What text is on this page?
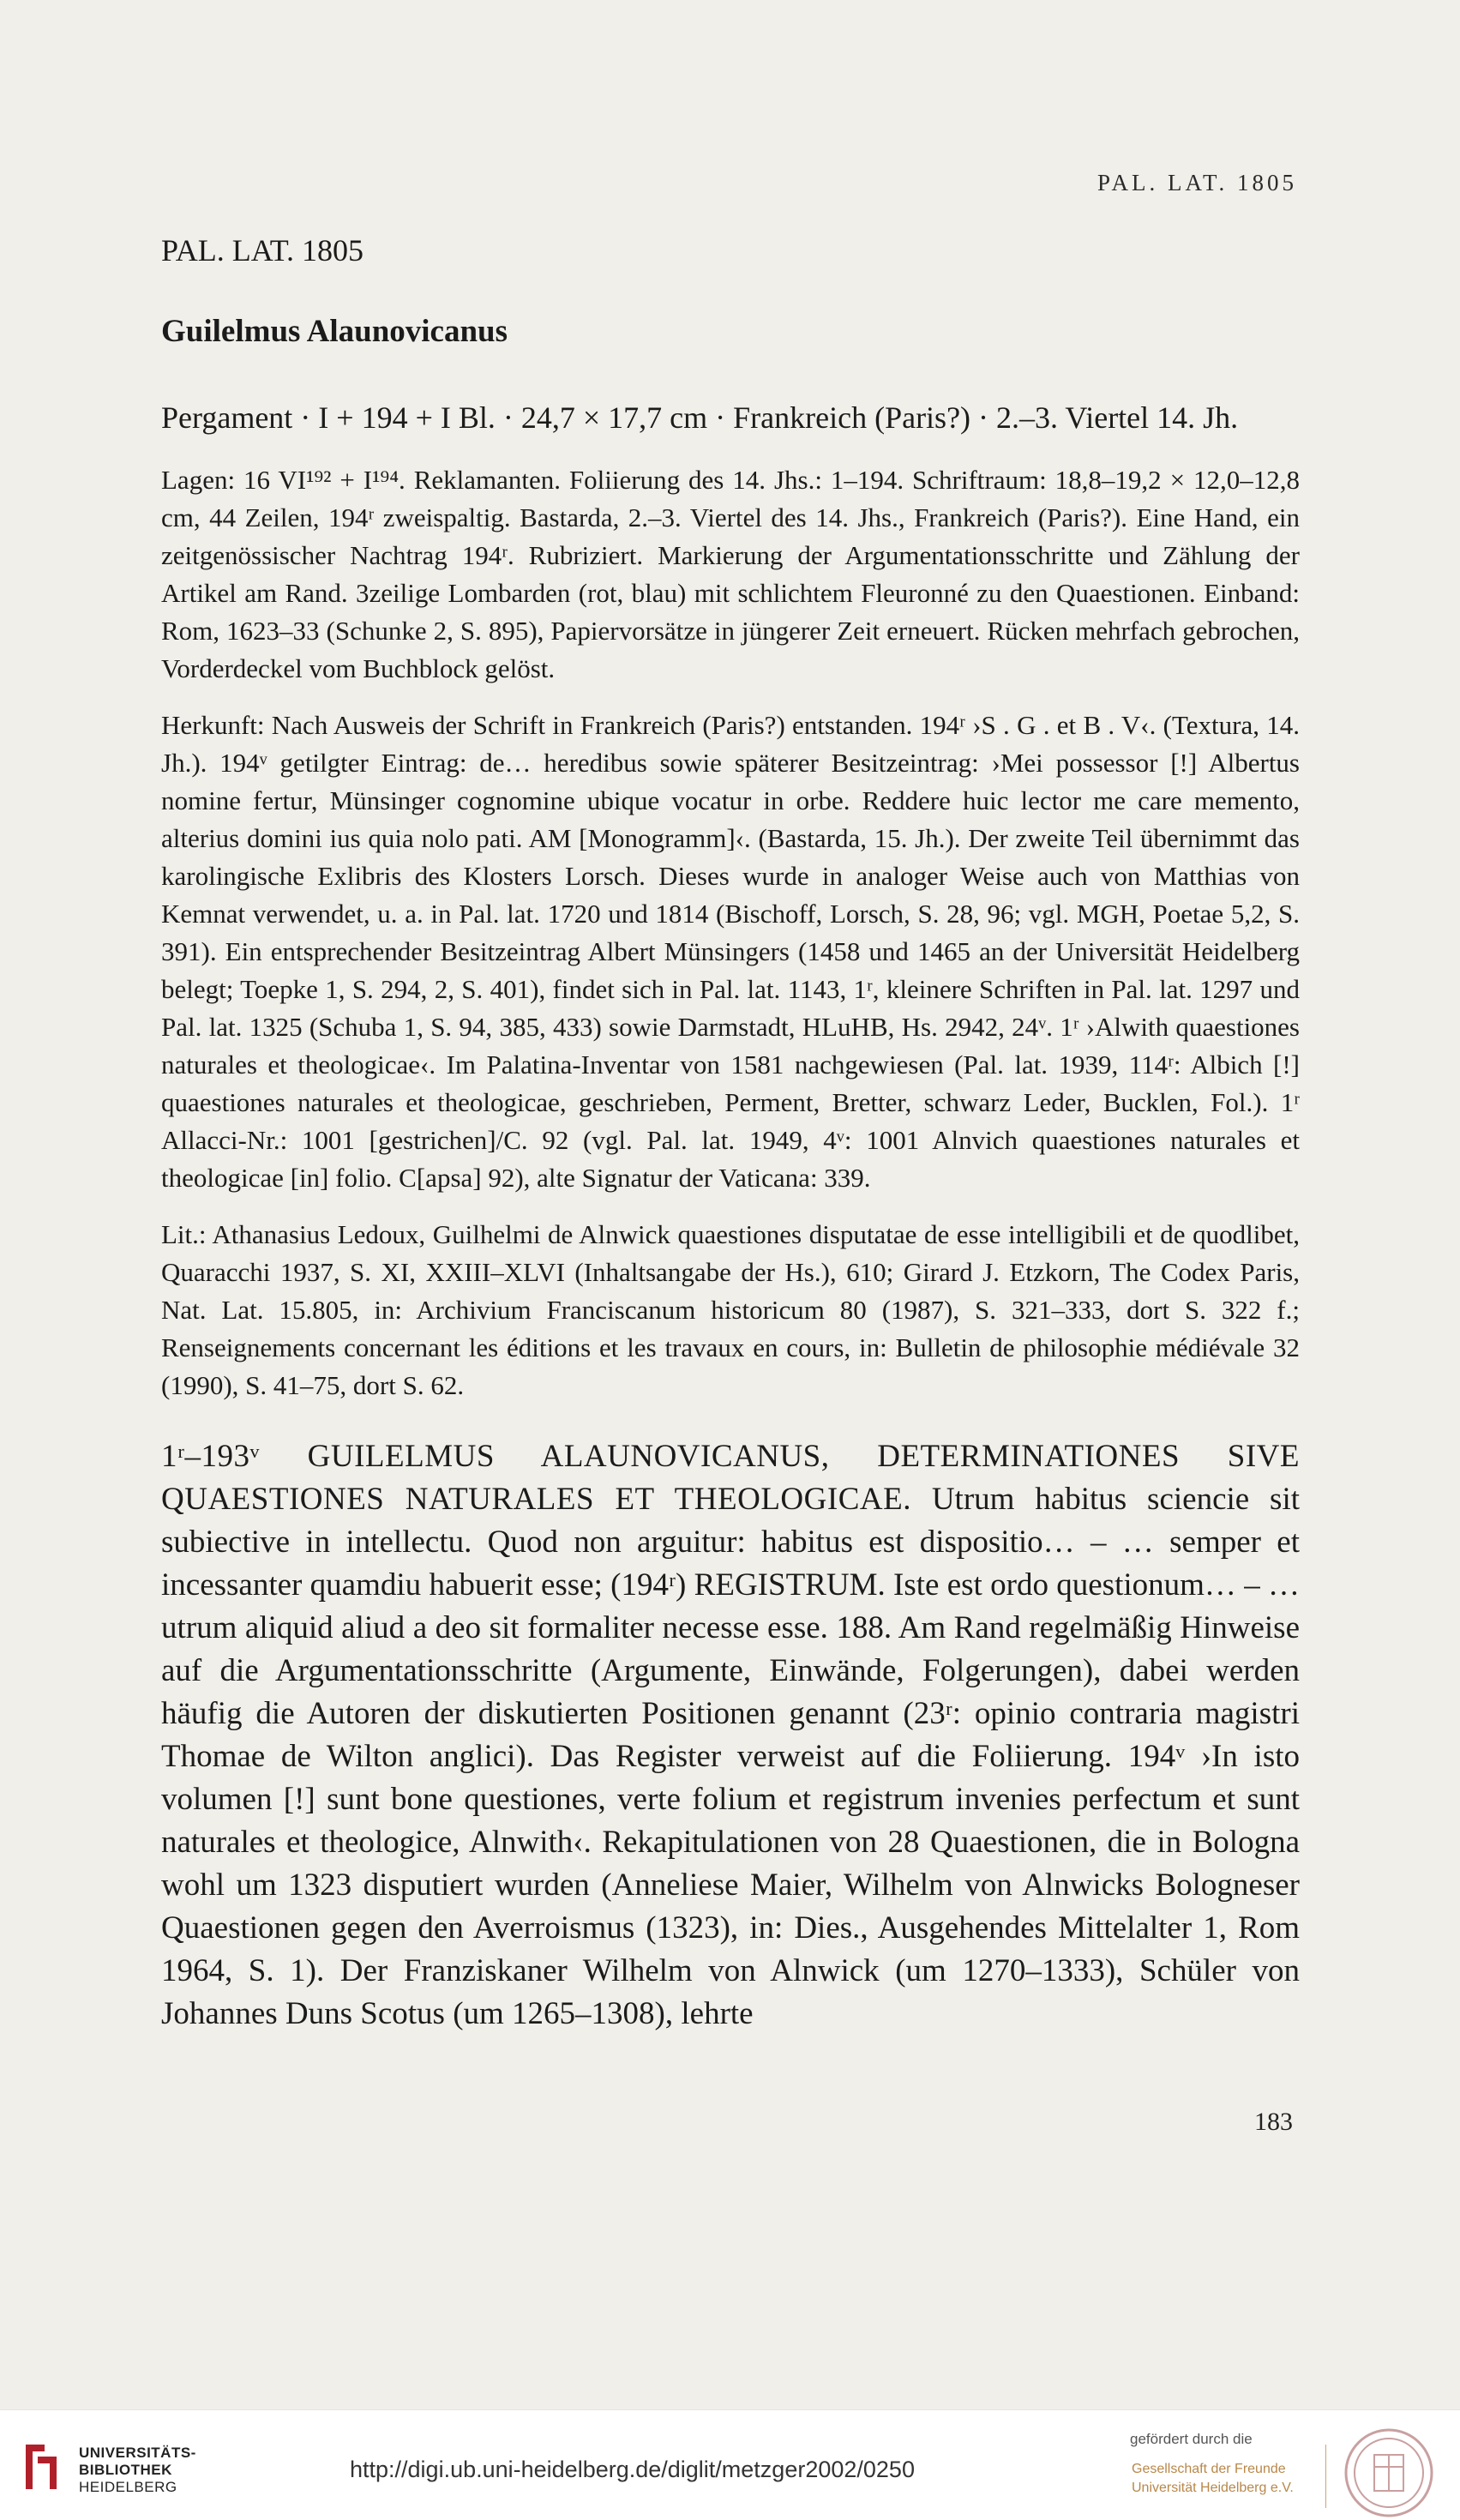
PAL. LAT. 1805

PAL. LAT. 1805

Guilelmus Alaunovicanus

Pergament · I + 194 + I Bl. · 24,7 × 17,7 cm · Frankreich (Paris?) · 2.–3. Viertel 14. Jh.

Lagen: 16 VI¹⁹² + I¹⁹⁴. Reklamanten. Foliierung des 14. Jhs.: 1–194. Schriftraum: 18,8–19,2 × 12,0–12,8 cm, 44 Zeilen, 194ʳ zweispaltig. Bastarda, 2.–3. Viertel des 14. Jhs., Frankreich (Paris?). Eine Hand, ein zeitgenössischer Nachtrag 194ʳ. Rubriziert. Markierung der Argumentationsschritte und Zählung der Artikel am Rand. 3zeilige Lombarden (rot, blau) mit schlichtem Fleuronné zu den Quaestionen. Einband: Rom, 1623–33 (Schunke 2, S. 895), Papiervorsätze in jüngerer Zeit erneuert. Rücken mehrfach gebrochen, Vorderdeckel vom Buchblock gelöst.

Herkunft: Nach Ausweis der Schrift in Frankreich (Paris?) entstanden. 194ʳ ›S . G . et B . V‹. (Textura, 14. Jh.). 194ᵛ getilgter Eintrag: de… heredibus sowie späterer Besitzeintrag: ›Mei possessor [!] Albertus nomine fertur, Münsinger cognomine ubique vocatur in orbe. Reddere huic lector me care memento, alterius domini ius quia nolo pati. AM [Monogramm]‹. (Bastarda, 15. Jh.). Der zweite Teil übernimmt das karolingische Exlibris des Klosters Lorsch. Dieses wurde in analoger Weise auch von Matthias von Kemnat verwendet, u. a. in Pal. lat. 1720 und 1814 (Bischoff, Lorsch, S. 28, 96; vgl. MGH, Poetae 5,2, S. 391). Ein entsprechender Besitzeintrag Albert Münsingers (1458 und 1465 an der Universität Heidelberg belegt; Toepke 1, S. 294, 2, S. 401), findet sich in Pal. lat. 1143, 1ʳ, kleinere Schriften in Pal. lat. 1297 und Pal. lat. 1325 (Schuba 1, S. 94, 385, 433) sowie Darmstadt, HLuHB, Hs. 2942, 24ᵛ. 1ʳ ›Alwith quaestiones naturales et theologicae‹. Im Palatina-Inventar von 1581 nachgewiesen (Pal. lat. 1939, 114ʳ: Albich [!] quaestiones naturales et theologicae, geschrieben, Perment, Bretter, schwarz Leder, Bucklen, Fol.). 1ʳ Allacci-Nr.: 1001 [gestrichen]/C. 92 (vgl. Pal. lat. 1949, 4ᵛ: 1001 Alnvich quaestiones naturales et theologicae [in] folio. C[apsa] 92), alte Signatur der Vaticana: 339.

Lit.: Athanasius Ledoux, Guilhelmi de Alnwick quaestiones disputatae de esse intelligibili et de quodlibet, Quaracchi 1937, S. XI, XXIII–XLVI (Inhaltsangabe der Hs.), 610; Girard J. Etzkorn, The Codex Paris, Nat. Lat. 15.805, in: Archivium Franciscanum historicum 80 (1987), S. 321–333, dort S. 322 f.; Renseignements concernant les éditions et les travaux en cours, in: Bulletin de philosophie médiévale 32 (1990), S. 41–75, dort S. 62.

1ʳ–193ᵛ GUILELMUS ALAUNOVICANUS, DETERMINATIONES SIVE QUAESTIONES NATURALES ET THEOLOGICAE. Utrum habitus sciencie sit subiective in intellectu. Quod non arguitur: habitus est dispositio… – … semper et incessanter quamdiu habuerit esse; (194ʳ) REGISTRUM. Iste est ordo questionum… – … utrum aliquid aliud a deo sit formaliter necesse esse. 188. Am Rand regelmäßig Hinweise auf die Argumentationsschritte (Argumente, Einwände, Folgerungen), dabei werden häufig die Autoren der diskutierten Positionen genannt (23ʳ: opinio contraria magistri Thomae de Wilton anglici). Das Register verweist auf die Foliierung. 194ᵛ ›In isto volumen [!] sunt bone questiones, verte folium et registrum invenies perfectum et sunt naturales et theologice, Alnwith‹. Rekapitulationen von 28 Quaestionen, die in Bologna wohl um 1323 disputiert wurden (Anneliese Maier, Wilhelm von Alnwicks Bologneser Quaestionen gegen den Averroismus (1323), in: Dies., Ausgehendes Mittelalter 1, Rom 1964, S. 1). Der Franziskaner Wilhelm von Alnwick (um 1270–1333), Schüler von Johannes Duns Scotus (um 1265–1308), lehrte

183
UNIVERSITÄTS-
BIBLIOTHEK
HEIDELBERG
http://digi.ub.uni-heidelberg.de/diglit/metzger2002/0250
gefördert durch die
Gesellschaft der Freunde
Universität Heidelberg e.V.
